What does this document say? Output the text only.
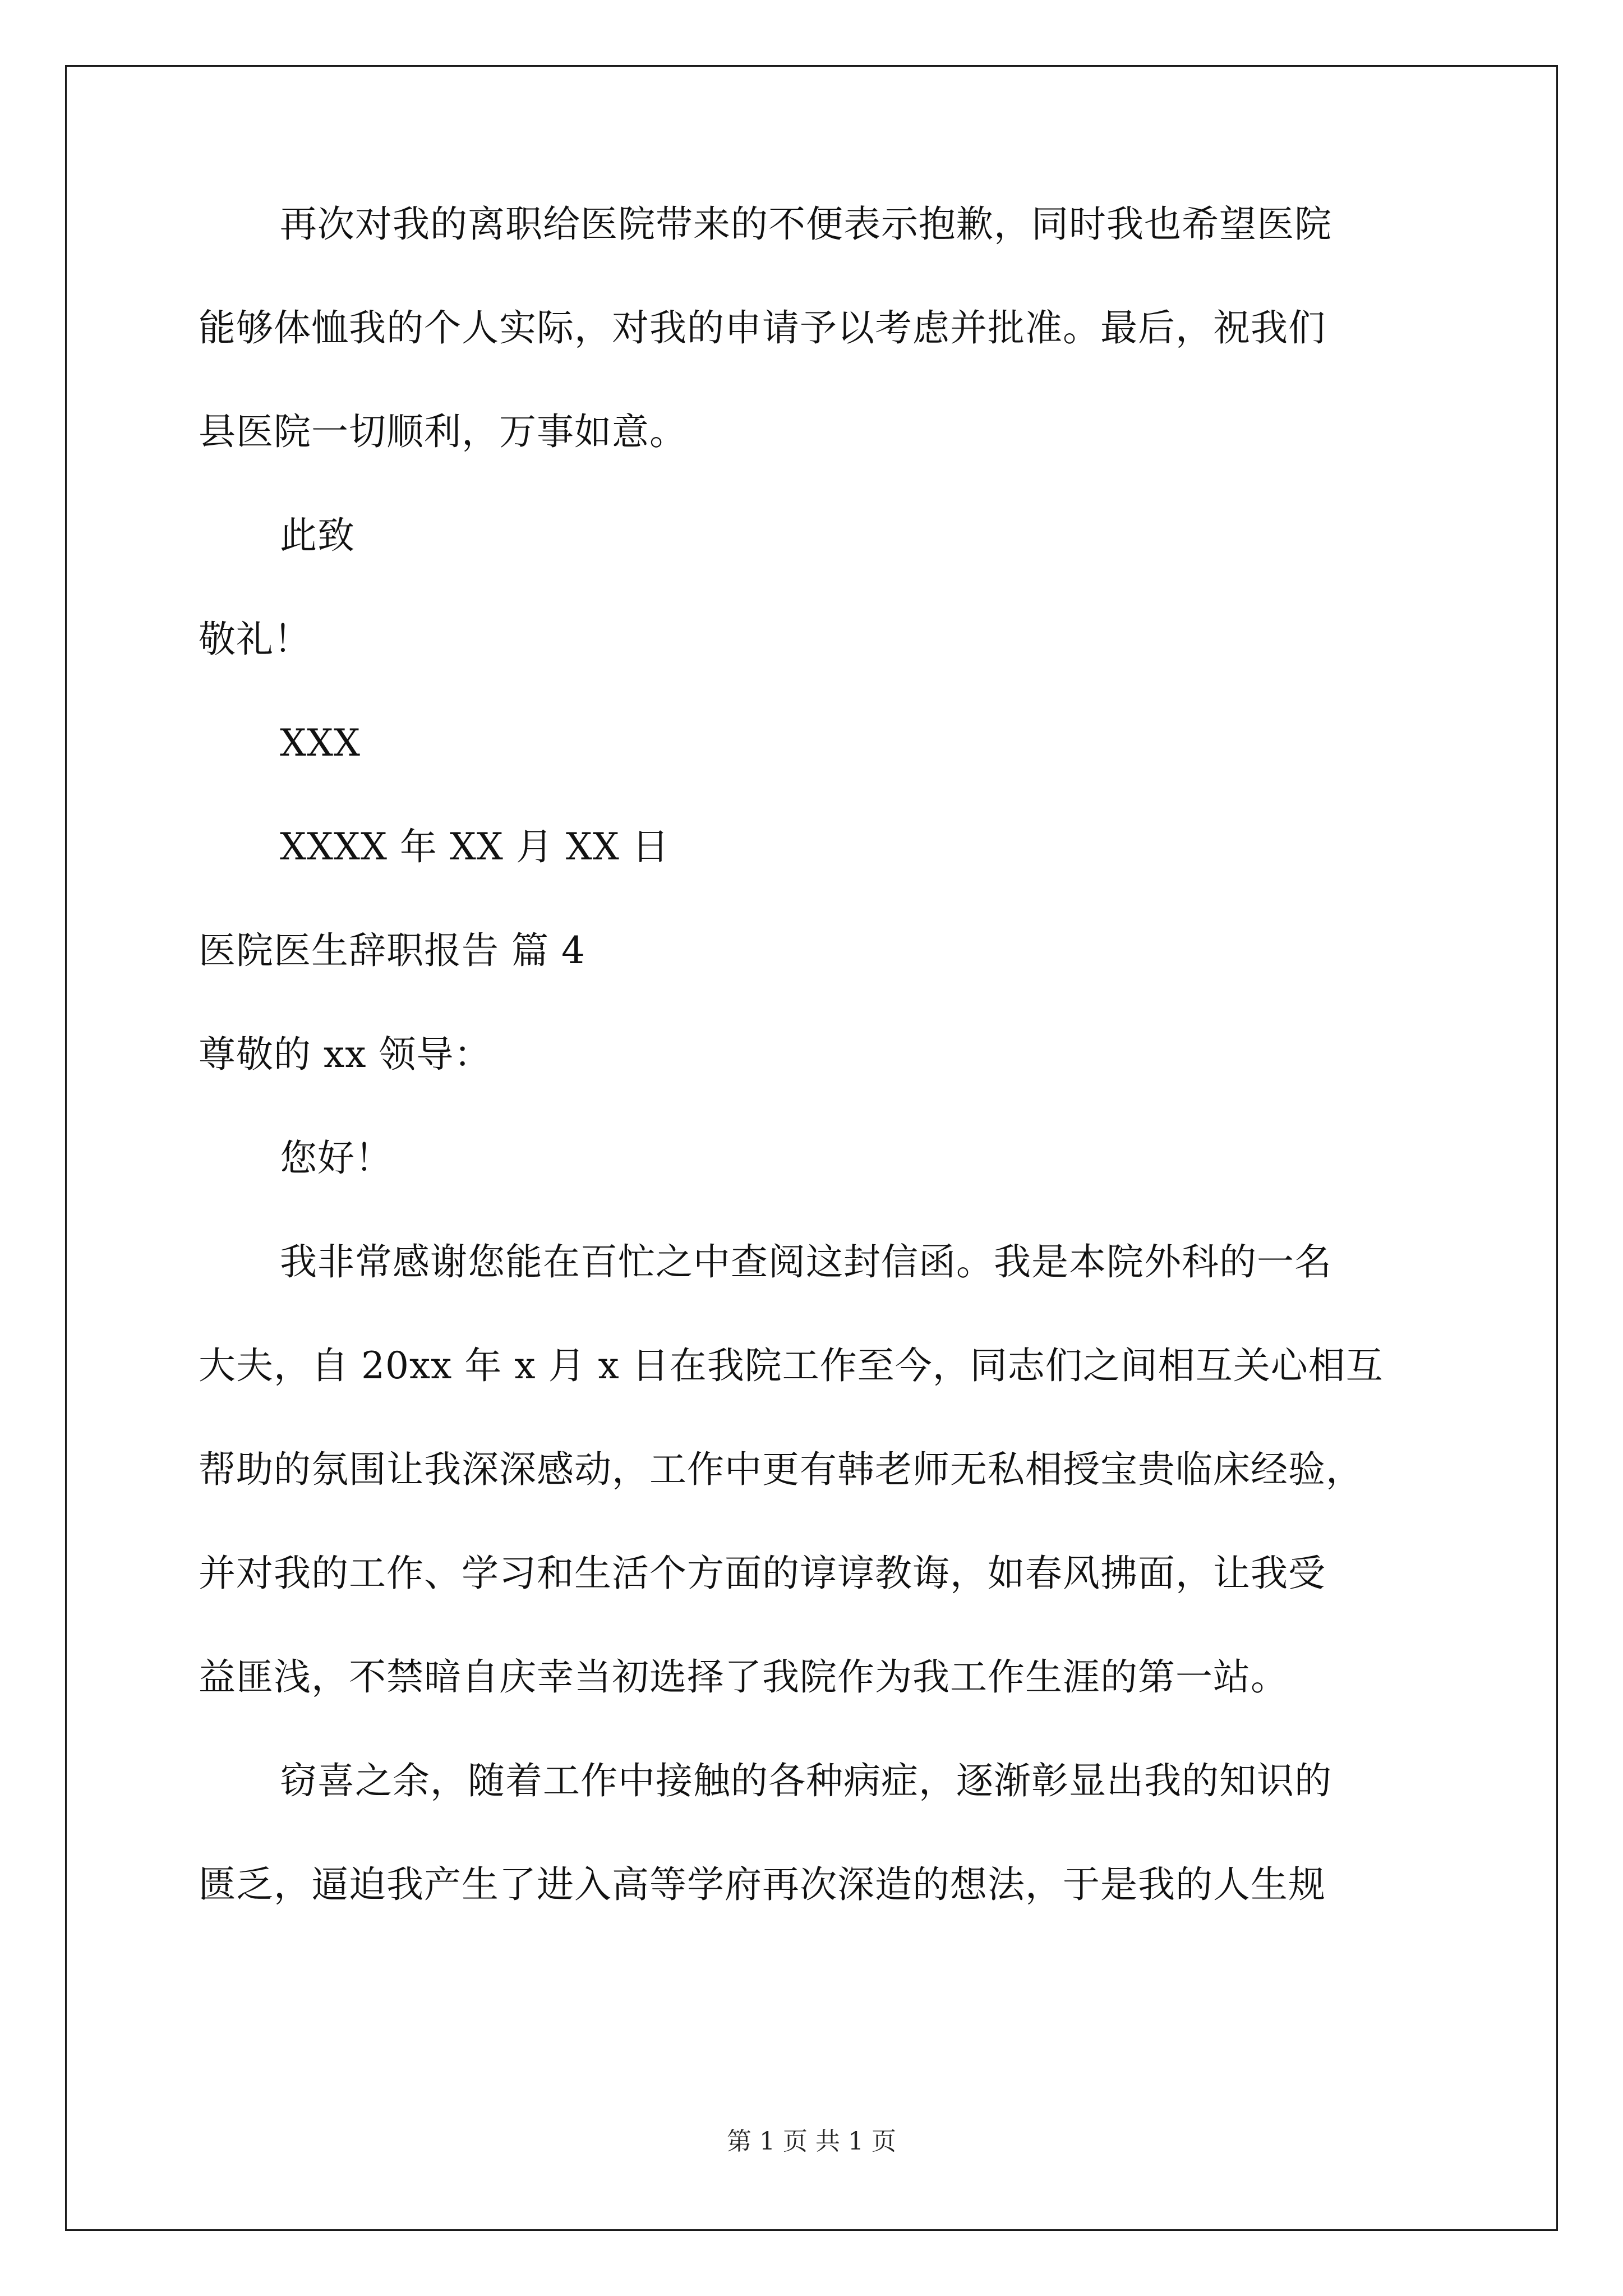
再次对我的离职给医院带来的不便表示抱歉，同时我也希望医院
能够体恤我的个人实际，对我的申请予以考虑并批准。最后，祝我们
县医院一切顺利，万事如意。
此致
敬礼！
XXX
XXXX 年 XX 月 XX 日
医院医生辞职报告 篇 4
尊敬的 xx 领导：
您好！
我非常感谢您能在百忙之中查阅这封信函。我是本院外科的一名
大夫，自 20xx 年 x 月 x 日在我院工作至今，同志们之间相互关心相互
帮助的氛围让我深深感动，工作中更有韩老师无私相授宝贵临床经验，
并对我的工作、学习和生活个方面的谆谆教诲，如春风拂面，让我受
益匪浅，不禁暗自庆幸当初选择了我院作为我工作生涯的第一站。
窃喜之余，随着工作中接触的各种病症，逐渐彰显出我的知识的
匮乏，逼迫我产生了进入高等学府再次深造的想法，于是我的人生规
第 1 页 共 1 页
